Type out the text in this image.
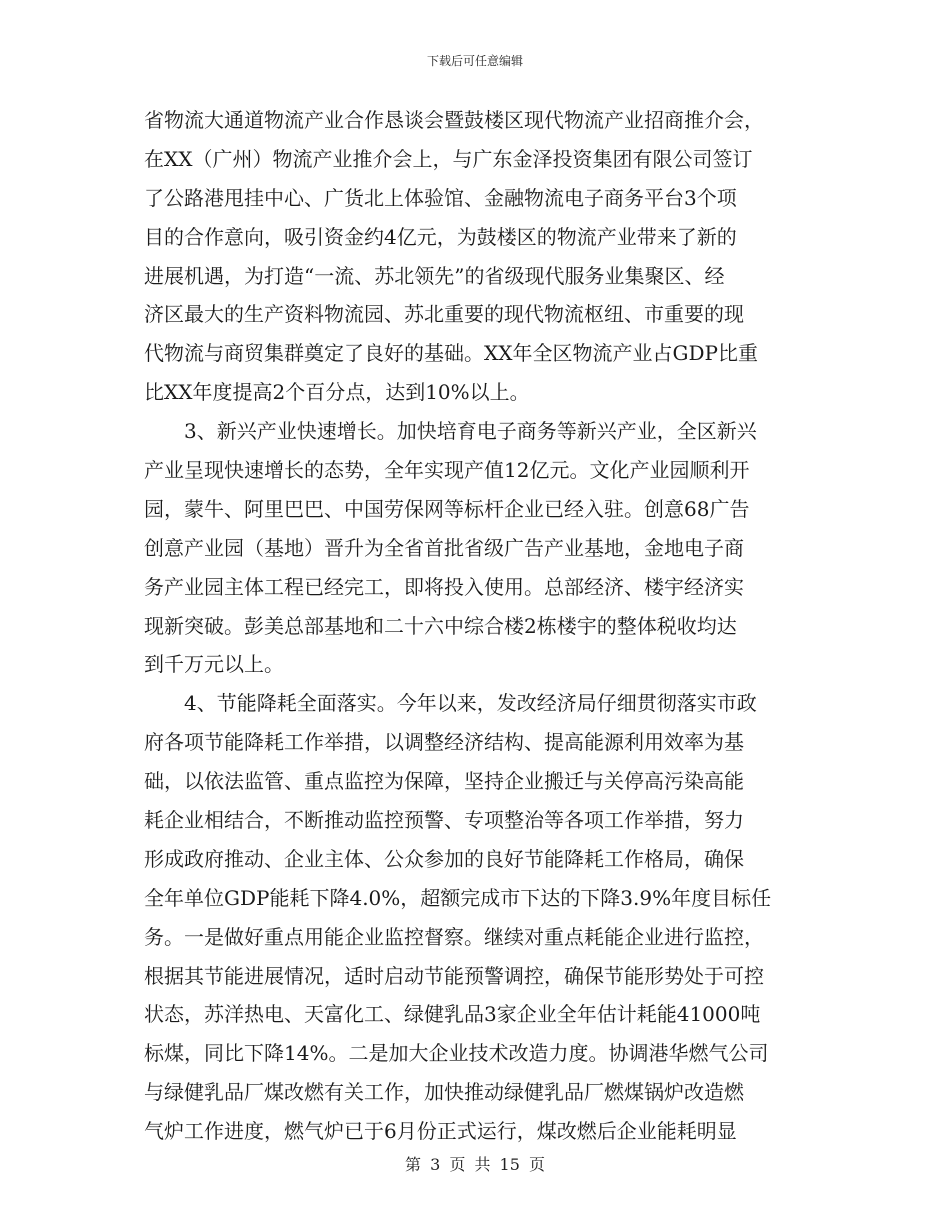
下载后可任意编辑
省物流大通道物流产业合作恳谈会暨鼓楼区现代物流产业招商推介会，
在XX（广州）物流产业推介会上，与广东金泽投资集团有限公司签订
了公路港甩挂中心、广货北上体验馆、金融物流电子商务平台3个项
目的合作意向，吸引资金约4亿元，为鼓楼区的物流产业带来了新的
进展机遇，为打造“一流、苏北领先”的省级现代服务业集聚区、经
济区最大的生产资料物流园、苏北重要的现代物流枢纽、市重要的现
代物流与商贸集群奠定了良好的基础。XX年全区物流产业占GDP比重
比XX年度提高2个百分点，达到10%以上。
3、新兴产业快速增长。加快培育电子商务等新兴产业，全区新兴
产业呈现快速增长的态势，全年实现产值12亿元。文化产业园顺利开
园，蒙牛、阿里巴巴、中国劳保网等标杆企业已经入驻。创意68广告
创意产业园（基地）晋升为全省首批省级广告产业基地，金地电子商
务产业园主体工程已经完工，即将投入使用。总部经济、楼宇经济实
现新突破。彭美总部基地和二十六中综合楼2栋楼宇的整体税收均达
到千万元以上。
4、节能降耗全面落实。今年以来，发改经济局仔细贯彻落实市政
府各项节能降耗工作举措，以调整经济结构、提高能源利用效率为基
础，以依法监管、重点监控为保障，坚持企业搬迁与关停高污染高能
耗企业相结合，不断推动监控预警、专项整治等各项工作举措，努力
形成政府推动、企业主体、公众参加的良好节能降耗工作格局，确保
全年单位GDP能耗下降4.0%，超额完成市下达的下降3.9%年度目标任
务。一是做好重点用能企业监控督察。继续对重点耗能企业进行监控，
根据其节能进展情况，适时启动节能预警调控，确保节能形势处于可控
状态，苏洋热电、天富化工、绿健乳品3家企业全年估计耗能41000吨
标煤，同比下降14%。二是加大企业技术改造力度。协调港华燃气公司
与绿健乳品厂煤改燃有关工作，加快推动绿健乳品厂燃煤锅炉改造燃
气炉工作进度，燃气炉已于6月份正式运行，煤改燃后企业能耗明显
第 3 页 共 15 页
